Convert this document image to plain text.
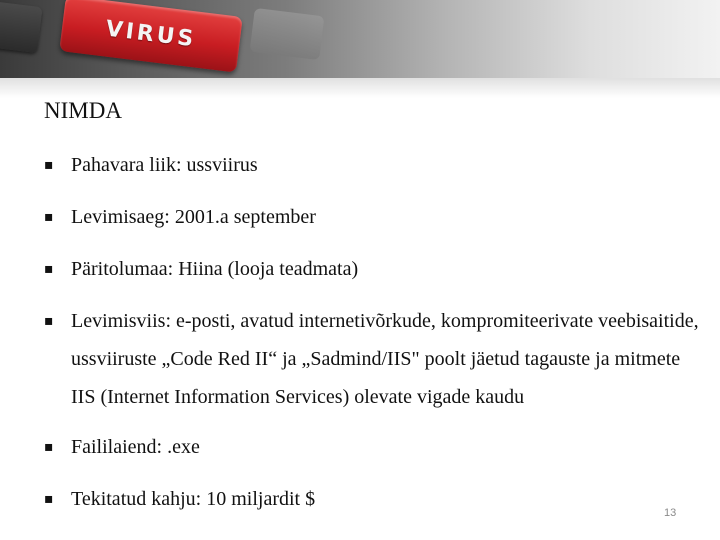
VIRUS
NIMDA
▪
Pahavara liik: ussviirus
▪
Levimisaeg: 2001.a september
▪
Päritolumaa: Hiina (looja teadmata)
▪
Levimisviis: e-posti, avatud internetivõrkude, kompromiteerivate veebisaitide, ussviiruste „Code Red II“ ja „Sadmind/IIS" poolt jäetud tagauste ja mitmete IIS (Internet Information Services) olevate vigade kaudu
▪
Faililaiend: .exe
▪
Tekitatud kahju: 10 miljardit $
13
